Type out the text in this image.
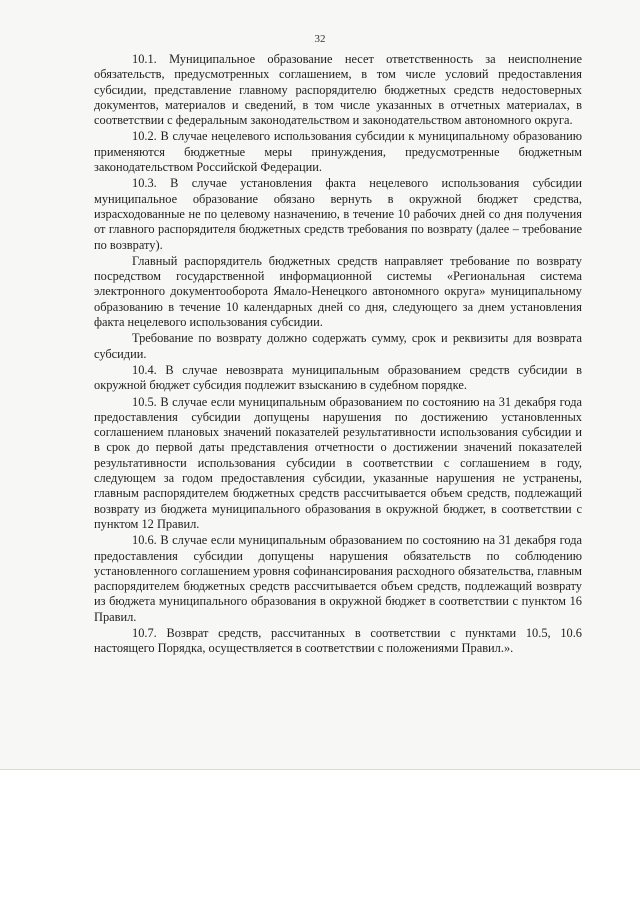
32

10.1. Муниципальное образование несет ответственность за неисполнение обязательств, предусмотренных соглашением, в том числе условий предоставления субсидии, представление главному распорядителю бюджетных средств недостоверных документов, материалов и сведений, в том числе указанных в отчетных материалах, в соответствии с федеральным законодательством и законодательством автономного округа.

10.2. В случае нецелевого использования субсидии к муниципальному образованию применяются бюджетные меры принуждения, предусмотренные бюджетным законодательством Российской Федерации.

10.3. В случае установления факта нецелевого использования субсидии муниципальное образование обязано вернуть в окружной бюджет средства, израсходованные не по целевому назначению, в течение 10 рабочих дней со дня получения от главного распорядителя бюджетных средств требования по возврату (далее – требование по возврату).

Главный распорядитель бюджетных средств направляет требование по возврату посредством государственной информационной системы «Региональная система электронного документооборота Ямало-Ненецкого автономного округа» муниципальному образованию в течение 10 календарных дней со дня, следующего за днем установления факта нецелевого использования субсидии.

Требование по возврату должно содержать сумму, срок и реквизиты для возврата субсидии.

10.4. В случае невозврата муниципальным образованием средств субсидии в окружной бюджет субсидия подлежит взысканию в судебном порядке.

10.5. В случае если муниципальным образованием по состоянию на 31 декабря года предоставления субсидии допущены нарушения по достижению установленных соглашением плановых значений показателей результативности использования субсидии и в срок до первой даты представления отчетности о достижении значений показателей результативности использования субсидии в соответствии с соглашением в году, следующем за годом предоставления субсидии, указанные нарушения не устранены, главным распорядителем бюджетных средств рассчитывается объем средств, подлежащий возврату из бюджета муниципального образования в окружной бюджет, в соответствии с пунктом 12 Правил.

10.6. В случае если муниципальным образованием по состоянию на 31 декабря года предоставления субсидии допущены нарушения обязательств по соблюдению установленного соглашением уровня софинансирования расходного обязательства, главным распорядителем бюджетных средств рассчитывается объем средств, подлежащий возврату из бюджета муниципального образования в окружной бюджет в соответствии с пунктом 16 Правил.

10.7. Возврат средств, рассчитанных в соответствии с пунктами 10.5, 10.6 настоящего Порядка, осуществляется в соответствии с положениями Правил.».
